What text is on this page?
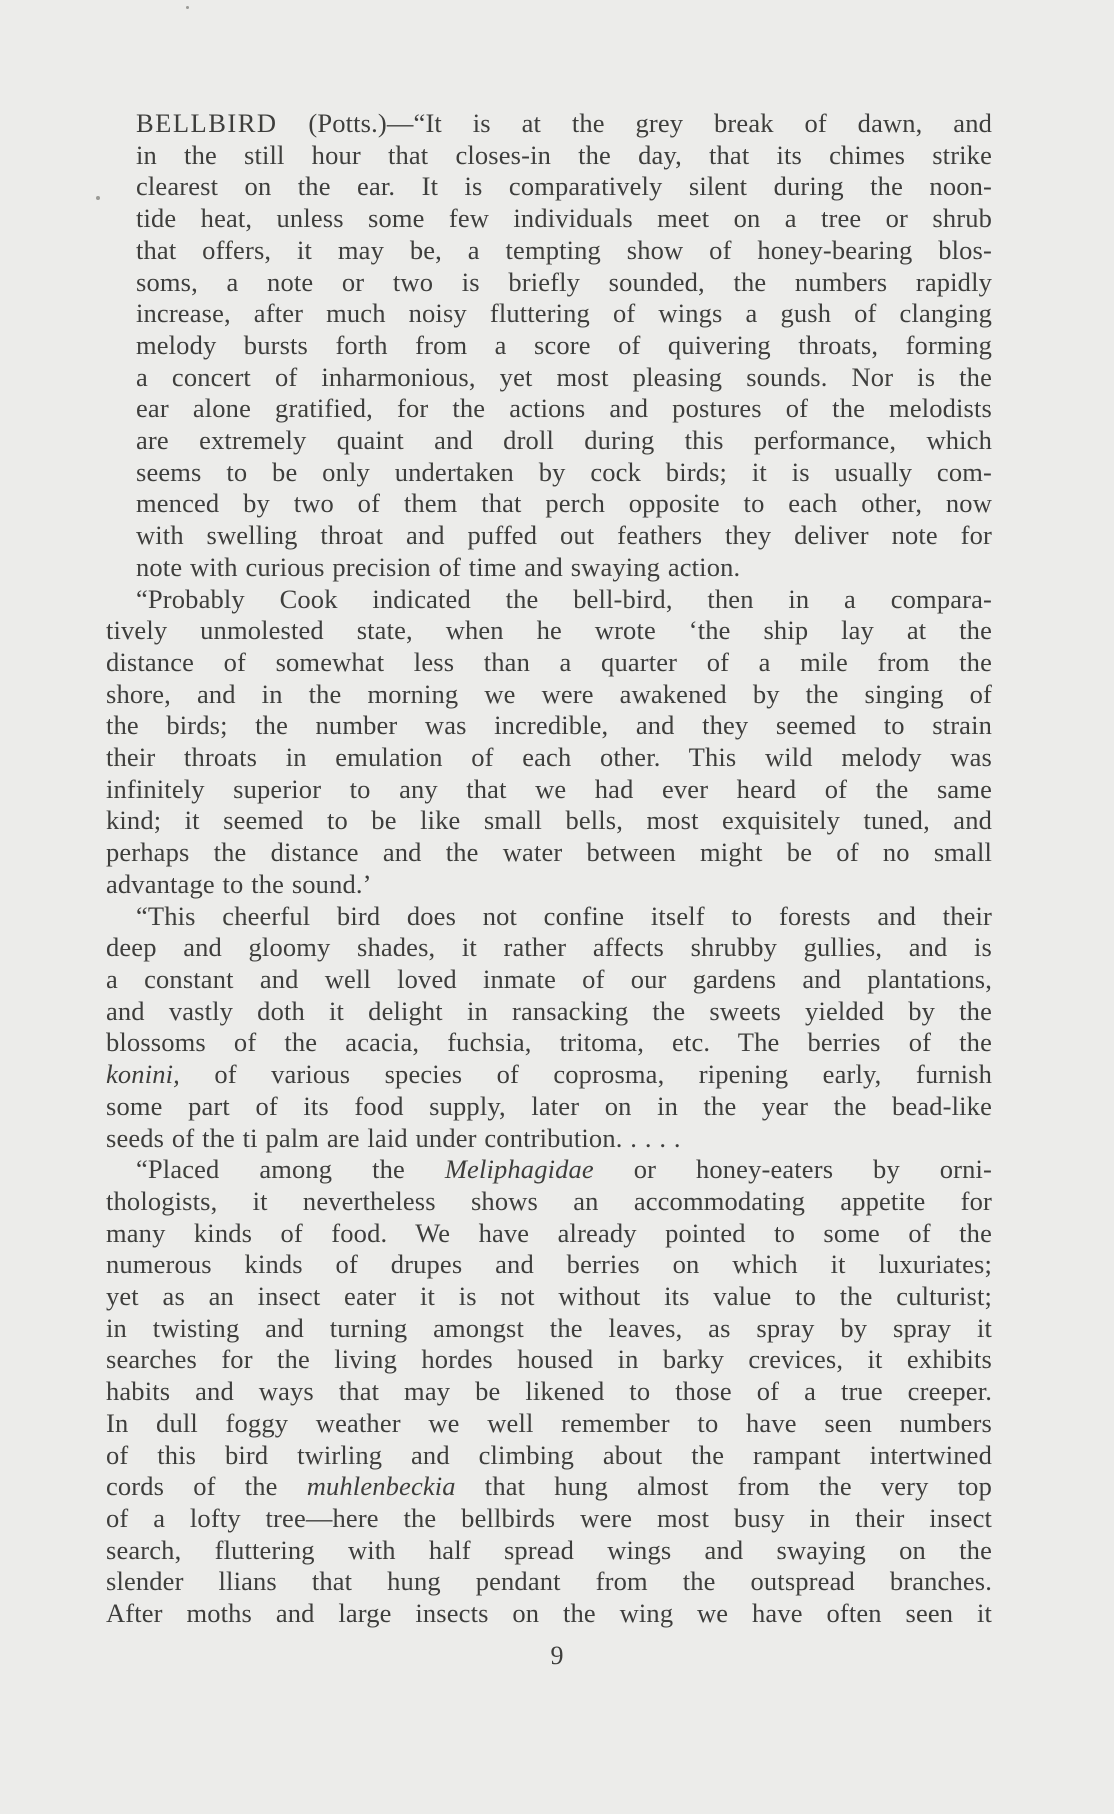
BELLBIRD (Potts.)—“It is at the grey break of dawn, and
in the still hour that closes-in the day, that its chimes strike
clearest on the ear. It is comparatively silent during the noon-
tide heat, unless some few individuals meet on a tree or shrub
that offers, it may be, a tempting show of honey-bearing blos-
soms, a note or two is briefly sounded, the numbers rapidly
increase, after much noisy fluttering of wings a gush of clanging
melody bursts forth from a score of quivering throats, forming
a concert of inharmonious, yet most pleasing sounds. Nor is the
ear alone gratified, for the actions and postures of the melodists
are extremely quaint and droll during this performance, which
seems to be only undertaken by cock birds; it is usually com-
menced by two of them that perch opposite to each other, now
with swelling throat and puffed out feathers they deliver note for
note with curious precision of time and swaying action.

“Probably Cook indicated the bell-bird, then in a compara-
tively unmolested state, when he wrote ‘the ship lay at the
distance of somewhat less than a quarter of a mile from the
shore, and in the morning we were awakened by the singing of
the birds; the number was incredible, and they seemed to strain
their throats in emulation of each other. This wild melody was
infinitely superior to any that we had ever heard of the same
kind; it seemed to be like small bells, most exquisitely tuned, and
perhaps the distance and the water between might be of no small
advantage to the sound.’

“This cheerful bird does not confine itself to forests and their
deep and gloomy shades, it rather affects shrubby gullies, and is
a constant and well loved inmate of our gardens and plantations,
and vastly doth it delight in ransacking the sweets yielded by the
blossoms of the acacia, fuchsia, tritoma, etc. The berries of the
konini, of various species of coprosma, ripening early, furnish
some part of its food supply, later on in the year the bead-like
seeds of the ti palm are laid under contribution. . . . .

“Placed among the Meliphagidae or honey-eaters by orni-
thologists, it nevertheless shows an accommodating appetite for
many kinds of food. We have already pointed to some of the
numerous kinds of drupes and berries on which it luxuriates;
yet as an insect eater it is not without its value to the culturist;
in twisting and turning amongst the leaves, as spray by spray it
searches for the living hordes housed in barky crevices, it exhibits
habits and ways that may be likened to those of a true creeper.
In dull foggy weather we well remember to have seen numbers
of this bird twirling and climbing about the rampant intertwined
cords of the muhlenbeckia that hung almost from the very top
of a lofty tree—here the bellbirds were most busy in their insect
search, fluttering with half spread wings and swaying on the
slender llians that hung pendant from the outspread branches.
After moths and large insects on the wing we have often seen it

9
